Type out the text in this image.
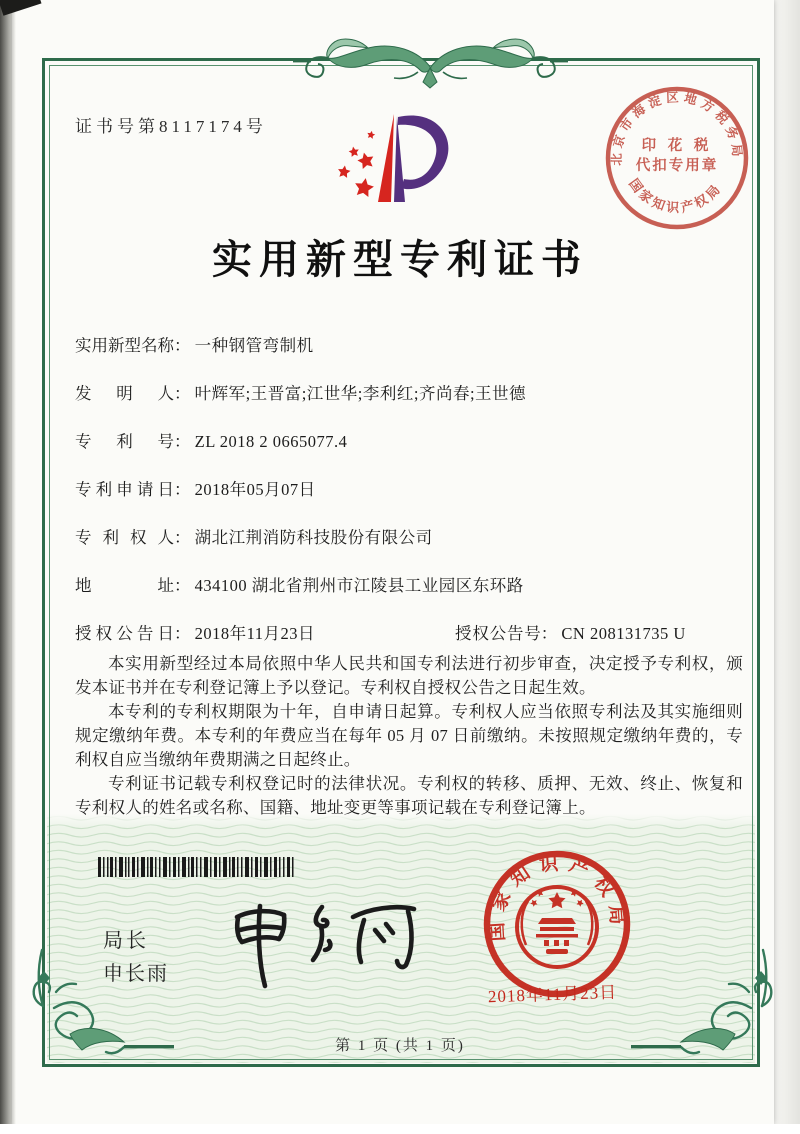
证书号第8117174号
北京市海淀区地方税务局
国家知识产权局
印 花 税
代扣专用章
实用新型专利证书
实用新型名称： 一种钢管弯制机
发明人： 叶辉军;王晋富;江世华;李利红;齐尚春;王世德
专利号： ZL 2018 2 0665077.4
专利申请日： 2018年05月07日
专利权人： 湖北江荆消防科技股份有限公司
地址： 434100 湖北省荆州市江陵县工业园区东环路
授权公告日： 2018年11月23日	授权公告号： CN 208131735 U

本实用新型经过本局依照中华人民共和国专利法进行初步审查，决定授予专利权，颁发本证书并在专利登记簿上予以登记。专利权自授权公告之日起生效。

本专利的专利权期限为十年，自申请日起算。专利权人应当依照专利法及其实施细则规定缴纳年费。本专利的年费应当在每年 05 月 07 日前缴纳。未按照规定缴纳年费的，专利权自应当缴纳年费期满之日起终止。

专利证书记载专利权登记时的法律状况。专利权的转移、质押、无效、终止、恢复和专利权人的姓名或名称、国籍、地址变更等事项记载在专利登记簿上。

局长
申长雨
国家知识产权局
2018年11月23日
第 1 页 (共 1 页)
